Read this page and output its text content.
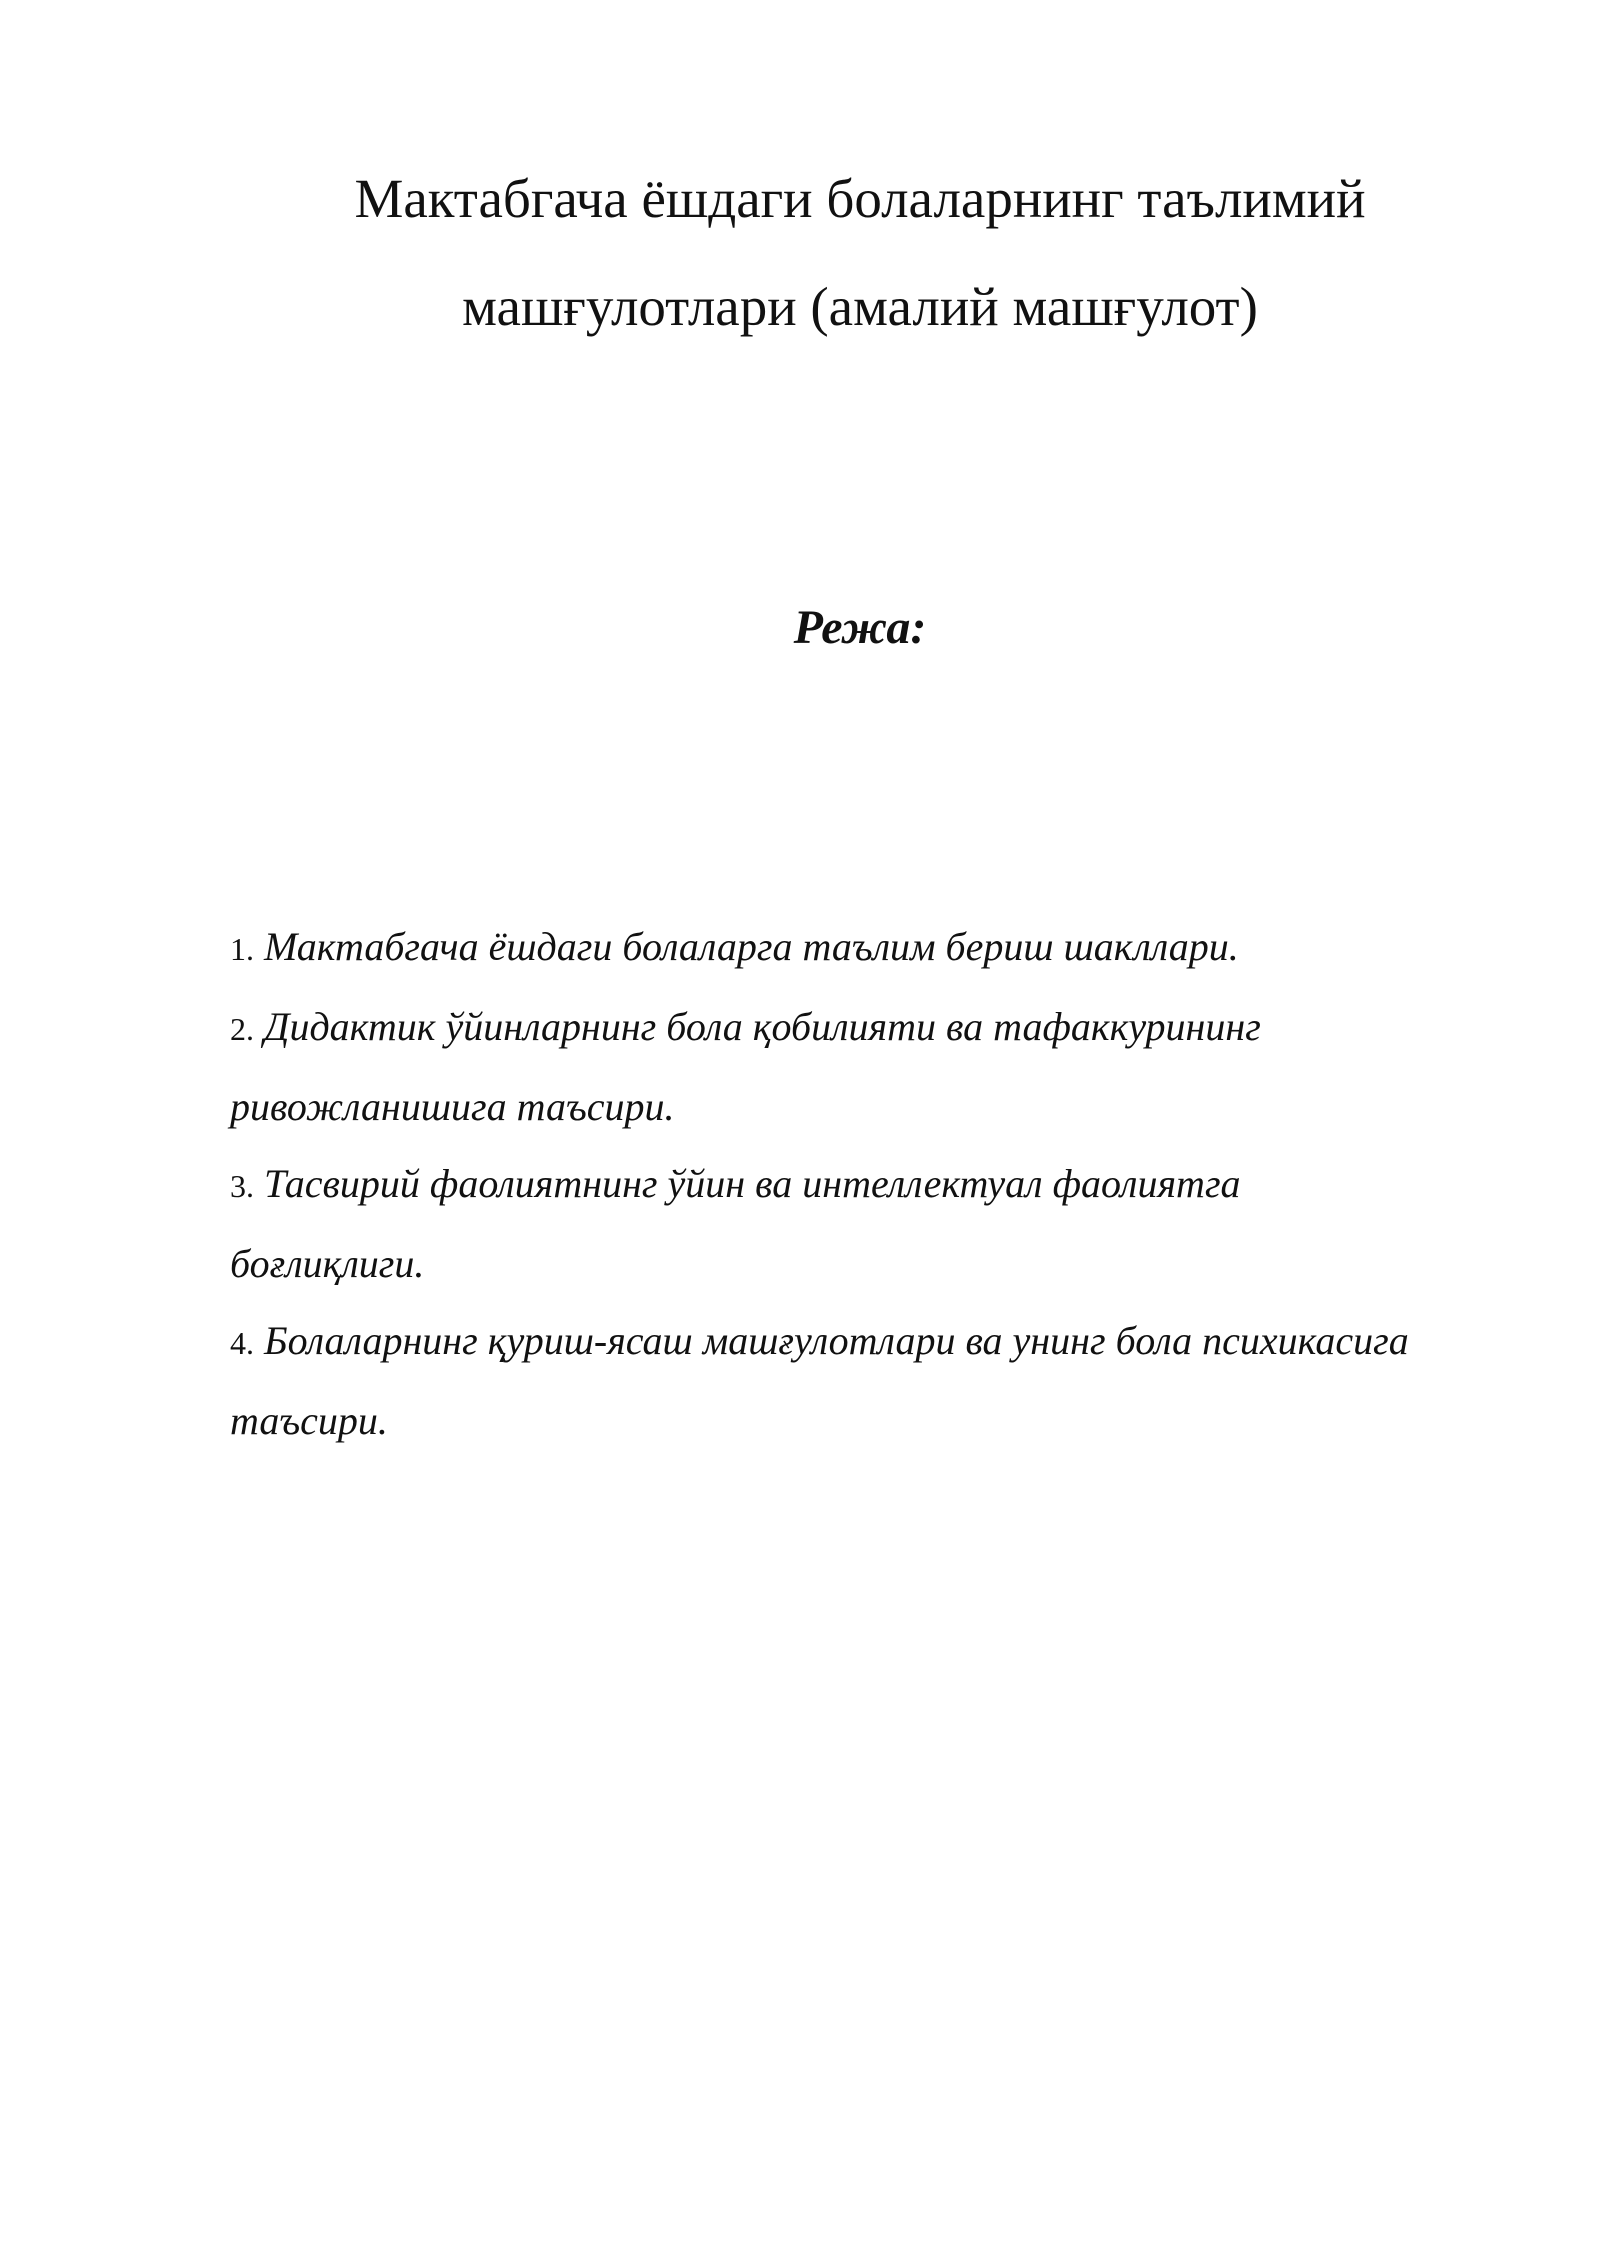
Мактабгача ёшдаги болаларнинг таълимий
машғулотлари (амалий машғулот)
Режа:
1. Мактабгача ёшдаги болаларга таълим бериш шакллари.
2. Дидактик ўйинларнинг бола қобилияти ва тафаккурининг ривожланишига таъсири.
3. Тасвирий фаолиятнинг ўйин ва интеллектуал фаолиятга боғлиқлиги.
4. Болаларнинг қуриш-ясаш машғулотлари ва унинг бола психикасига таъсири.
